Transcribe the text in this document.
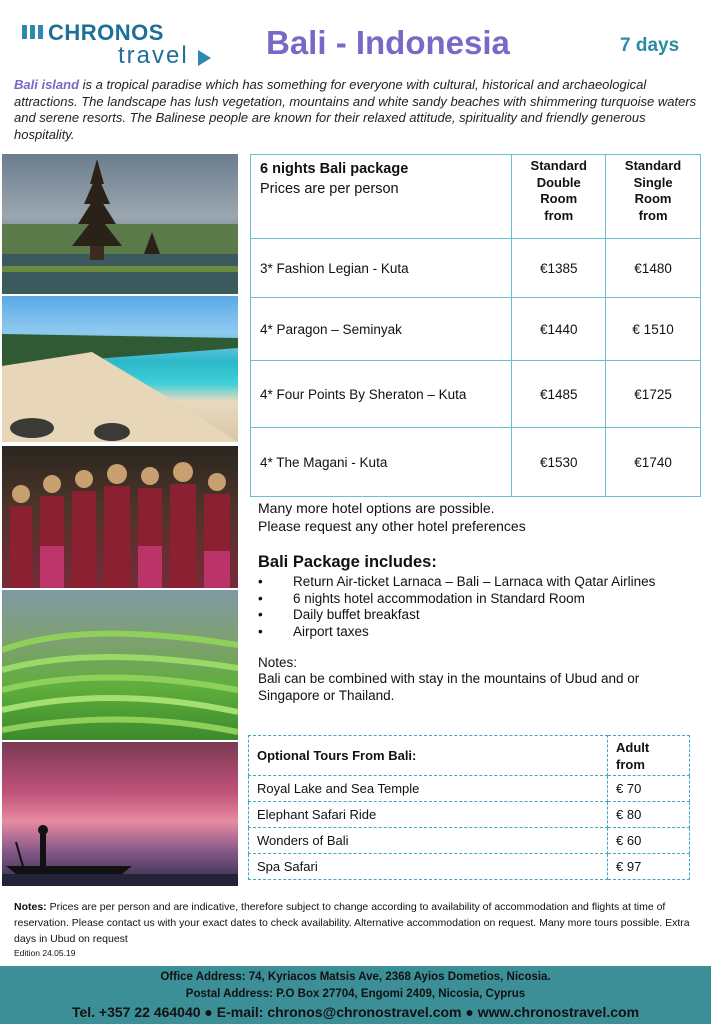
CHRONOS
travel Bali - Indonesia	7 days

Bali island is a tropical paradise which has something for everyone with cultural, historical and archaeological attractions. The landscape has lush vegetation, mountains and white sandy beaches with shimmering turquoise waters and serene resorts. The Balinese people are known for their relaxed attitude, spirituality and friendly generous hospitality.

6 nights Bali package
Prices are per person	Standard
Double
Room
from	Standard
Single
Room
from

3* Fashion Legian - Kuta	€1385	€1480
4* Paragon – Seminyak	€1440	€ 1510
4* Four Points By Sheraton – Kuta	€1485	€1725
4* The Magani - Kuta	€1530	€1740

Many more hotel options are possible.
Please request any other hotel preferences

Bali Package includes:
• Return Air-ticket Larnaca – Bali – Larnaca with Qatar Airlines
• 6 nights hotel accommodation in Standard Room
• Daily buffet breakfast
• Airport taxes
Notes:

Bali can be combined with stay in the mountains of Ubud and or Singapore or Thailand.

Optional Tours From Bali:	Adult
from

Royal Lake and Sea Temple	€ 70
Elephant Safari Ride	€ 80
Wonders of Bali	€ 60
Spa Safari	€ 97

Notes: Prices are per person and are indicative, therefore subject to change according to availability of accommodation and flights at time of reservation. Please contact us with your exact dates to check availability. Alternative accommodation on request. Many more tours possible. Extra days in Ubud on request

Edition 24.05.19
Office Address: 74, Kyriacos Matsis Ave, 2368 Ayios Dometios, Nicosia.
Postal Address: P.O Box 27704, Engomi 2409, Nicosia, Cyprus
Tel. +357 22 464040 ● E-mail: chronos@chronostravel.com ● www.chronostravel.com
